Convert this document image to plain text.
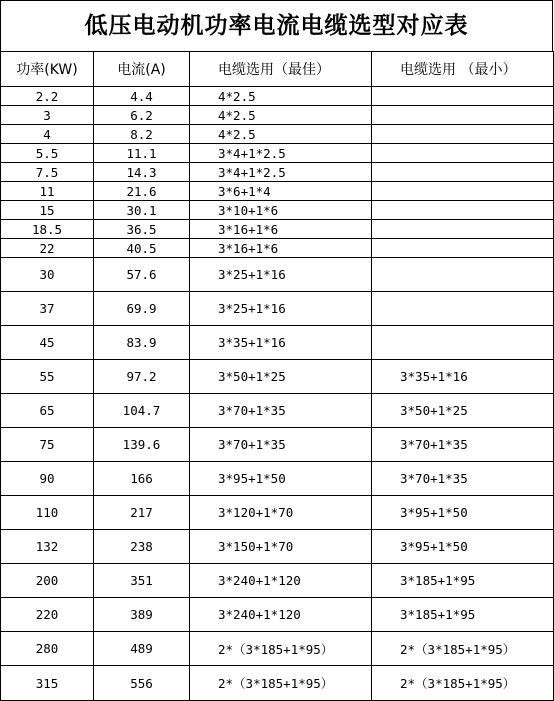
低压电动机功率电流电缆选型对应表
功率(KW)	电流(A)	电缆选用（最佳）	电缆选用 （最小）
2.2	4.4	4*2.5	
3	6.2	4*2.5	
4	8.2	4*2.5	
5.5	11.1	3*4+1*2.5	
7.5	14.3	3*4+1*2.5	
11	21.6	3*6+1*4	
15	30.1	3*10+1*6	
18.5	36.5	3*16+1*6	
22	40.5	3*16+1*6	
30	57.6	3*25+1*16	
37	69.9	3*25+1*16	
45	83.9	3*35+1*16	
55	97.2	3*50+1*25	3*35+1*16
65	104.7	3*70+1*35	3*50+1*25
75	139.6	3*70+1*35	3*70+1*35
90	166	3*95+1*50	3*70+1*35
110	217	3*120+1*70	3*95+1*50
132	238	3*150+1*70	3*95+1*50
200	351	3*240+1*120	3*185+1*95
220	389	3*240+1*120	3*185+1*95
280	489	2*（3*185+1*95）	2*（3*185+1*95）
315	556	2*（3*185+1*95）	2*（3*185+1*95）
